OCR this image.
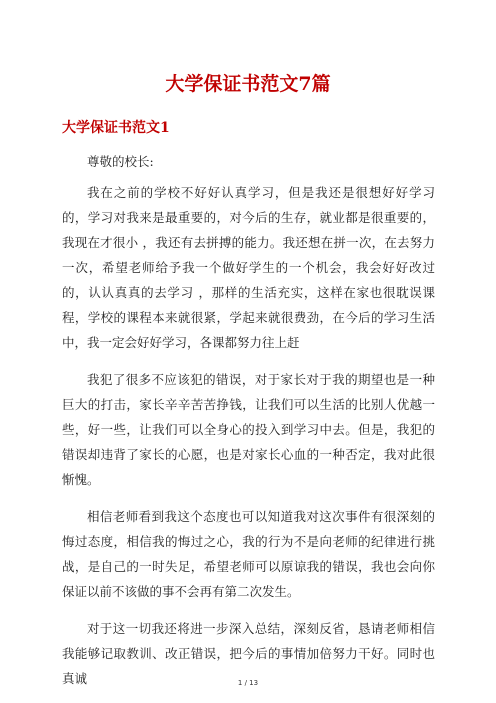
大学保证书范文7篇
大学保证书范文1

尊敬的校长:

我在之前的学校不好好认真学习，但是我还是很想好好学习的，学习对我来是最重要的，对今后的生存，就业都是很重要的，我现在才很小 ，我还有去拼搏的能力。我还想在拼一次，在去努力一次，希望老师给予我一个做好学生的一个机会，我会好好改过的，认认真真的去学习 ，那样的生活充实，这样在家也很耽误课程，学校的课程本来就很紧，学起来就很费劲，在今后的学习生活中，我一定会好好学习，各课都努力往上赶

我犯了很多不应该犯的错误，对于家长对于我的期望也是一种巨大的打击，家长辛辛苦苦挣钱，让我们可以生活的比别人优越一些，好一些，让我们可以全身心的投入到学习中去。但是，我犯的错误却违背了家长的心愿，也是对家长心血的一种否定，我对此很惭愧。

相信老师看到我这个态度也可以知道我对这次事件有很深刻的悔过态度，相信我的悔过之心，我的行为不是向老师的纪律进行挑战，是自己的一时失足，希望老师可以原谅我的错误，我也会向你保证以前不该做的事不会再有第二次发生。

对于这一切我还将进一步深入总结，深刻反省，恳请老师相信我能够记取教训、改正错误，把今后的事情加倍努力干好。同时也真诚	1 / 13
